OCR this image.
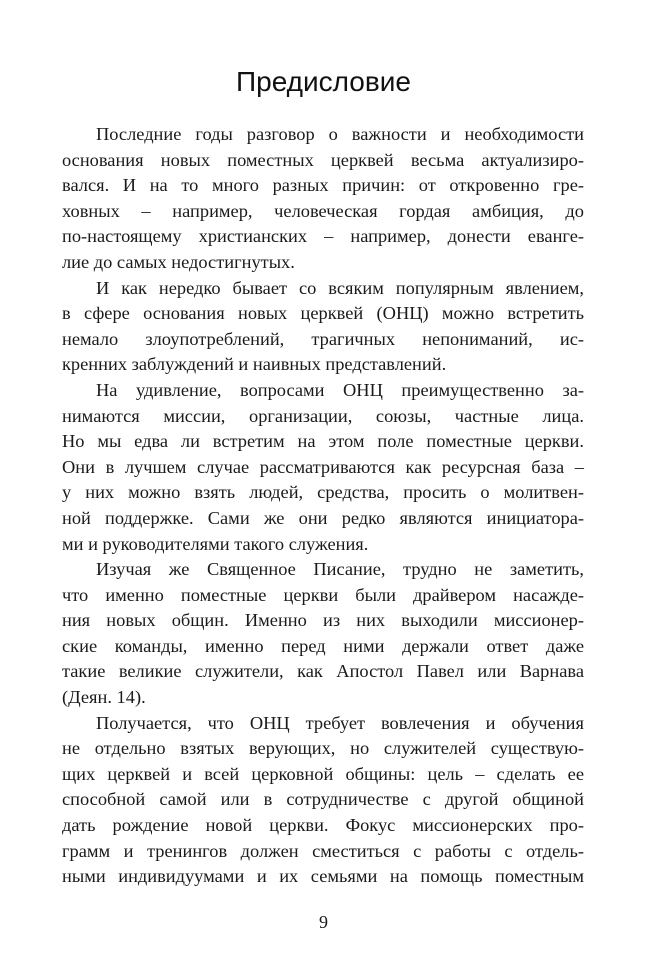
Предисловие
Последние годы разговор о важности и необходимости
основания новых поместных церквей весьма актуализиро-
вался. И на то много разных причин: от откровенно гре-
ховных – например, человеческая гордая амбиция, до
по-настоящему христианских – например, донести еванге-
лие до самых недостигнутых.
И как нередко бывает со всяким популярным явлением,
в сфере основания новых церквей (ОНЦ) можно встретить
немало злоупотреблений, трагичных непониманий, ис-
кренних заблуждений и наивных представлений.
На удивление, вопросами ОНЦ преимущественно за-
нимаются миссии, организации, союзы, частные лица.
Но мы едва ли встретим на этом поле поместные церкви.
Они в лучшем случае рассматриваются как ресурсная база –
у них можно взять людей, средства, просить о молитвен-
ной поддержке. Сами же они редко являются инициатора-
ми и руководителями такого служения.
Изучая же Священное Писание, трудно не заметить,
что именно поместные церкви были драйвером насажде-
ния новых общин. Именно из них выходили миссионер-
ские команды, именно перед ними держали ответ даже
такие великие служители, как Апостол Павел или Варнава
(Деян. 14).
Получается, что ОНЦ требует вовлечения и обучения
не отдельно взятых верующих, но служителей существую-
щих церквей и всей церковной общины: цель – сделать ее
способной самой или в сотрудничестве с другой общиной
дать рождение новой церкви. Фокус миссионерских про-
грамм и тренингов должен сместиться с работы с отдель-
ными индивидуумами и их семьями на помощь поместным
9
